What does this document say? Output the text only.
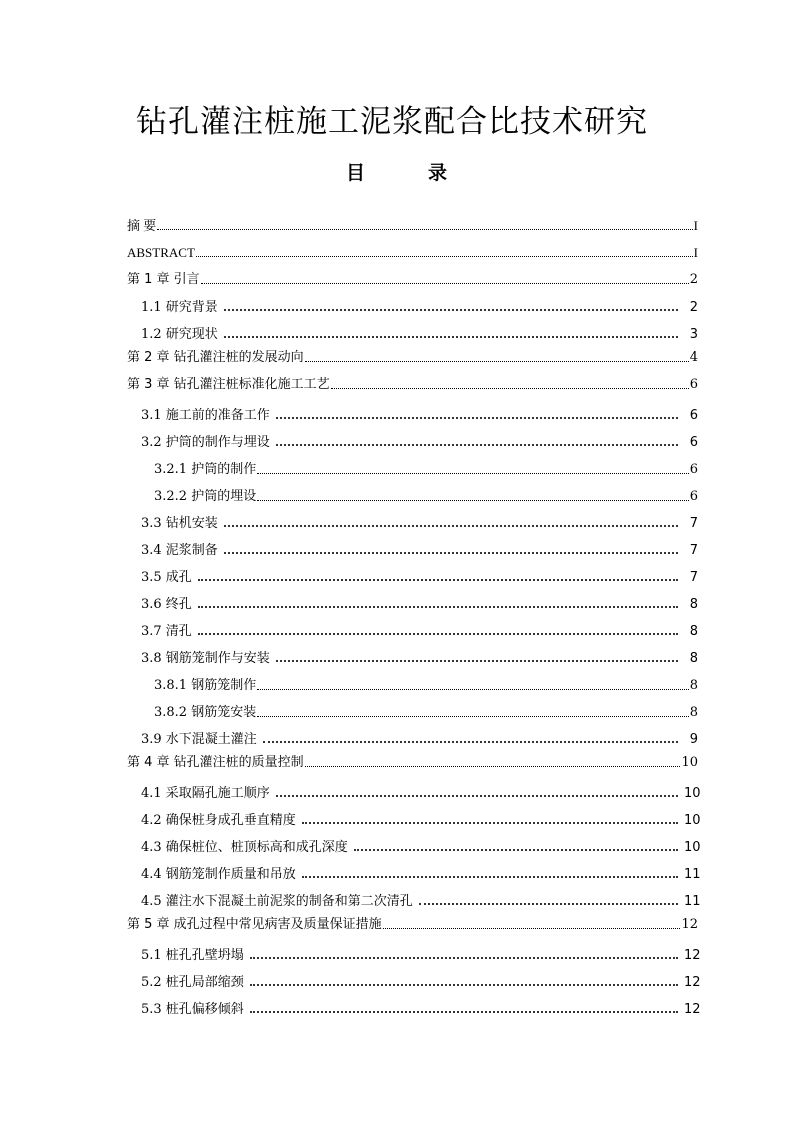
钻孔灌注桩施工泥浆配合比技术研究
目　录
摘 要	I
ABSTRACT	I
第 1 章 引言	2
1.1 研究背景	2
1.2 研究现状	3
第 2 章 钻孔灌注桩的发展动向	4
第 3 章 钻孔灌注桩标准化施工工艺	6
3.1 施工前的准备工作	6
3.2 护筒的制作与埋设	6
3.2.1 护筒的制作	6
3.2.2 护筒的埋设	6
3.3 钻机安装	7
3.4 泥浆制备	7
3.5 成孔	7
3.6 终孔	8
3.7 清孔	8
3.8 钢筋笼制作与安装	8
3.8.1 钢筋笼制作	8
3.8.2 钢筋笼安装	8
3.9 水下混凝土灌注	9
第 4 章 钻孔灌注桩的质量控制	10
4.1 采取隔孔施工顺序	10
4.2 确保桩身成孔垂直精度	10
4.3 确保桩位、桩顶标高和成孔深度	10
4.4 钢筋笼制作质量和吊放	11
4.5 灌注水下混凝土前泥浆的制备和第二次清孔	11
第 5 章 成孔过程中常见病害及质量保证措施	12
5.1 桩孔孔壁坍塌	12
5.2 桩孔局部缩颈	12
5.3 桩孔偏移倾斜	12
